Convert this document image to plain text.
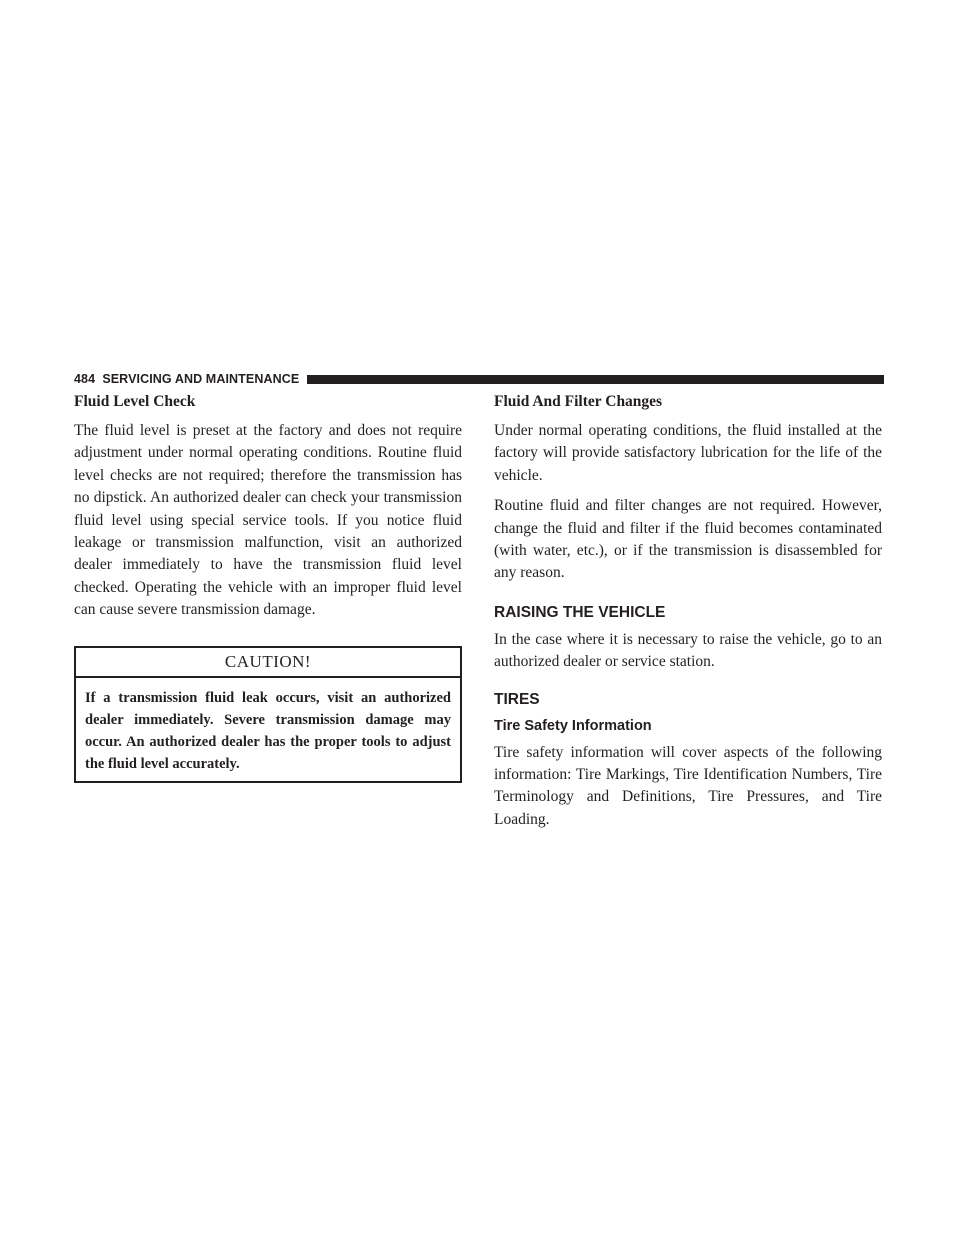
484 SERVICING AND MAINTENANCE
Fluid Level Check

The fluid level is preset at the factory and does not require adjustment under normal operating conditions. Routine fluid level checks are not required; therefore the transmission has no dipstick. An authorized dealer can check your transmission fluid level using special service tools. If you notice fluid leakage or transmission malfunction, visit an authorized dealer immediately to have the transmission fluid level checked. Operating the vehicle with an improper fluid level can cause severe transmission damage.

CAUTION!
If a transmission fluid leak occurs, visit an authorized dealer immediately. Severe transmission damage may occur. An authorized dealer has the proper tools to adjust the fluid level accurately.
Fluid And Filter Changes

Under normal operating conditions, the fluid installed at the factory will provide satisfactory lubrication for the life of the vehicle.

Routine fluid and filter changes are not required. However, change the fluid and filter if the fluid becomes contaminated (with water, etc.), or if the transmission is disassembled for any reason.

RAISING THE VEHICLE

In the case where it is necessary to raise the vehicle, go to an authorized dealer or service station.

TIRES
Tire Safety Information

Tire safety information will cover aspects of the following information: Tire Markings, Tire Identification Numbers, Tire Terminology and Definitions, Tire Pressures, and Tire Loading.
